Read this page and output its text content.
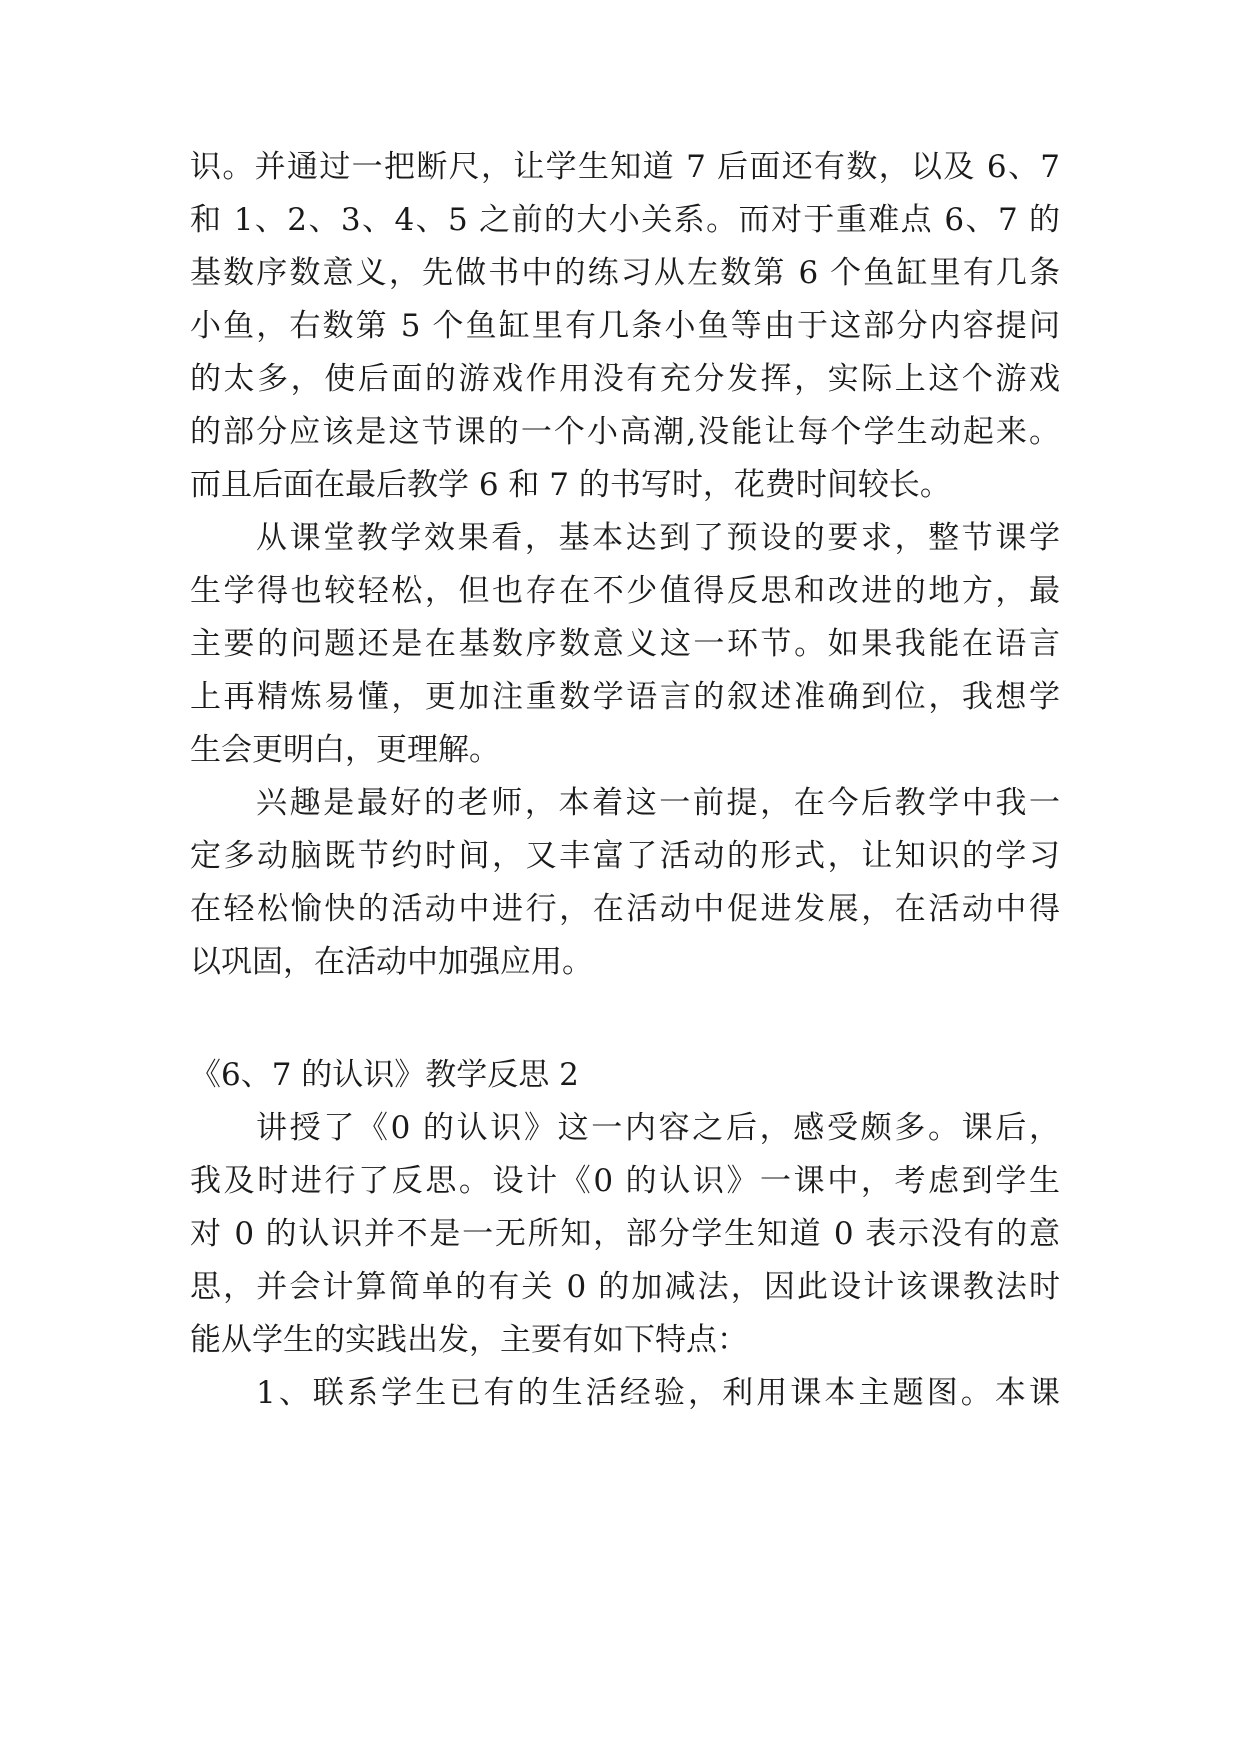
识。并通过一把断尺，让学生知道 7 后面还有数，以及 6、7
和 1、2、3、4、5 之前的大小关系。而对于重难点 6、7 的
基数序数意义，先做书中的练习从左数第 6 个鱼缸里有几条
小鱼，右数第 5 个鱼缸里有几条小鱼等由于这部分内容提问
的太多，使后面的游戏作用没有充分发挥，实际上这个游戏
的部分应该是这节课的一个小高潮,没能让每个学生动起来。
而且后面在最后教学 6 和 7 的书写时，花费时间较长。
从课堂教学效果看，基本达到了预设的要求，整节课学
生学得也较轻松，但也存在不少值得反思和改进的地方，最
主要的问题还是在基数序数意义这一环节。如果我能在语言
上再精炼易懂，更加注重数学语言的叙述准确到位，我想学
生会更明白，更理解。
兴趣是最好的老师，本着这一前提，在今后教学中我一
定多动脑既节约时间，又丰富了活动的形式，让知识的学习
在轻松愉快的活动中进行，在活动中促进发展，在活动中得
以巩固，在活动中加强应用。
《6、7 的认识》教学反思 2
讲授了《0 的认识》这一内容之后，感受颇多。课后，
我及时进行了反思。设计《0 的认识》一课中，考虑到学生
对 0 的认识并不是一无所知，部分学生知道 0 表示没有的意
思，并会计算简单的有关 0 的加减法，因此设计该课教法时
能从学生的实践出发，主要有如下特点：
1、联系学生已有的生活经验，利用课本主题图。本课
